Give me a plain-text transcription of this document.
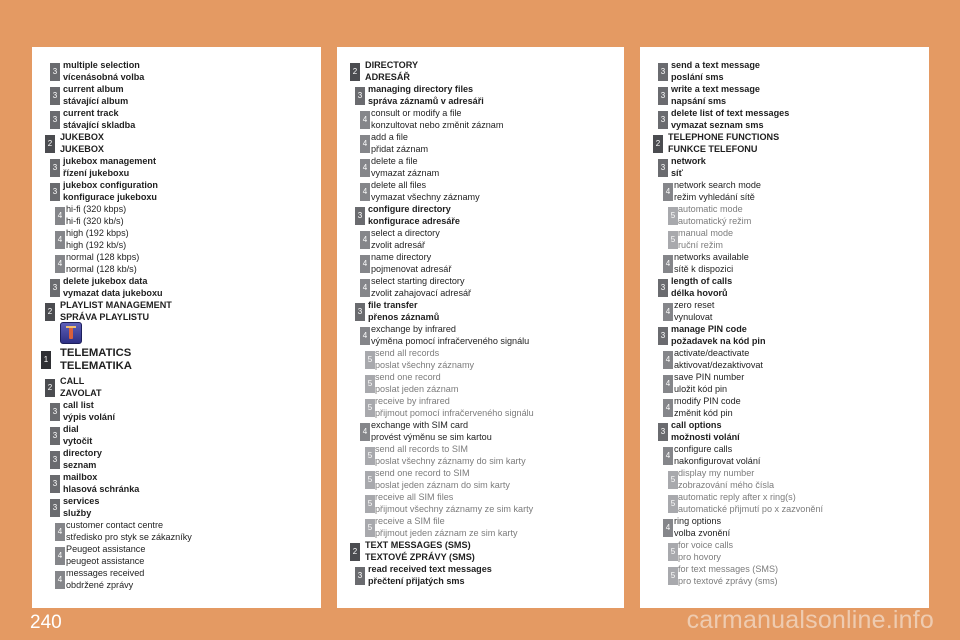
3
multiple selection
vícenásobná volba
3
current album
stávající album
3
current track
stávající skladba
2
JUKEBOX
JUKEBOX
3
jukebox management
řízení jukeboxu
3
jukebox configuration
konfigurace jukeboxu
4
hi-fi (320 kbps)
hi-fi (320 kb/s)
4
high (192 kbps)
high (192 kb/s)
4
normal (128 kbps)
normal (128 kb/s)
3
delete jukebox data
vymazat data jukeboxu
2
PLAYLIST MANAGEMENT
SPRÁVA PLAYLISTU
1
TELEMATICS
TELEMATIKA
2
CALL
ZAVOLAT
3
call list
výpis volání
3
dial
vytočit
3
directory
seznam
3
mailbox
hlasová schránka
3
services
služby
4
customer contact centre
středisko pro styk se zákazníky
4
Peugeot assistance
peugeot assistance
4
messages received
obdržené zprávy
2
DIRECTORY
ADRESÁŘ
3
managing directory files
správa záznamů v adresáři
4
consult or modify a file
konzultovat nebo změnit záznam
4
add a file
přidat záznam
4
delete a file
vymazat záznam
4
delete all files
vymazat všechny záznamy
3
configure directory
konfigurace adresáře
4
select a directory
zvolit adresář
4
name directory
pojmenovat adresář
4
select starting directory
zvolit zahajovací adresář
3
file transfer
přenos záznamů
4
exchange by infrared
výměna pomocí infračerveného signálu
5
send all records
poslat všechny záznamy
5
send one record
poslat jeden záznam
5
receive by infrared
přijmout pomocí infračerveného signálu
4
exchange with SIM card
provést výměnu se sim kartou
5
send all records to SIM
poslat všechny záznamy do sim karty
5
send one record to SIM
poslat jeden záznam do sim karty
5
receive all SIM files
přijmout všechny záznamy ze sim karty
5
receive a SIM file
přijmout jeden záznam ze sim karty
2
TEXT MESSAGES (SMS)
TEXTOVÉ ZPRÁVY (SMS)
3
read received text messages
přečtení přijatých sms
3
send a text message
poslání sms
3
write a text message
napsání sms
3
delete list of text messages
vymazat seznam sms
2
TELEPHONE FUNCTIONS
FUNKCE TELEFONU
3
network
síť
4
network search mode
režim vyhledání sítě
5
automatic mode
automatický režim
5
manual mode
ruční režim
4
networks available
sítě k dispozici
3
length of calls
délka hovorů
4
zero reset
vynulovat
3
manage PIN code
požadavek na kód pin
4
activate/deactivate
aktivovat/dezaktivovat
4
save PIN number
uložit kód pin
4
modify PIN code
změnit kód pin
3
call options
možnosti volání
4
configure calls
nakonfigurovat volání
5
display my number
zobrazování mého čísla
5
automatic reply after x ring(s)
automatické přijmutí po x zazvonění
4
ring options
volba zvonění
5
for voice calls
pro hovory
5
for text messages (SMS)
pro textové zprávy (sms)
240	carmanualsonline.info
